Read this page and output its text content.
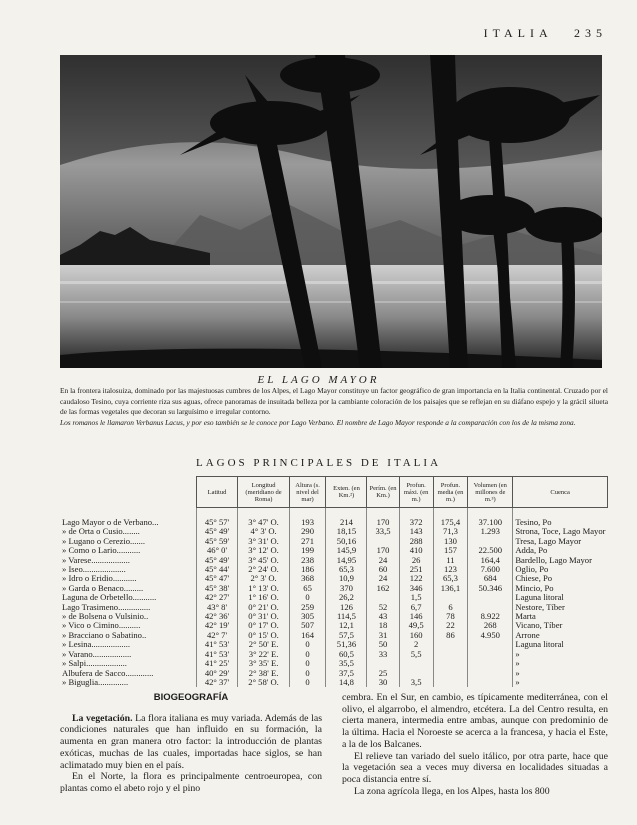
ITALIA 235
EL LAGO MAYOR

En la frontera italosuiza, dominado por las majestuosas cumbres de los Alpes, el Lago Mayor constituye un factor geográfico de gran importancia en la Italia continental. Cruzado por el caudaloso Tesino, cuya corriente riza sus aguas, ofrece panoramas de insuitada belleza por la cambiante coloración de los paisajes que se reflejan en su diáfano espejo y la grácil silueta de las formas vegetales que decoran su larguísimo e irregular contorno.

Los romanos le llamaron Verbanus Lacus, y por eso también se le conoce por Lago Verbano. El nombre de Lago Mayor responde a la comparación con los de la misma zona.

LAGOS PRINCIPALES DE ITALIA
	Latitud	Longitud (meridiano de Roma)	Altura (s. nivel del mar)	Exten. (en Km.²)	Perím. (en Km.)	Profun. máxi. (en m.)	Profun. media (en m.)	Volumen (en millones de m.³)	Cuenca
Lago Mayor o de Verbano...	45° 57'	3° 47' O.	193	214	170	372	175,4	37.100	Tesino, Po
» de Orta o Cusio........	45° 49'	4° 3' O.	290	18,15	33,5	143	71,3	1.293	Strona, Toce, Lago Mayor
» Lugano o Cerezio.......	45° 59'	3° 31' O.	271	50,16		288	130		Tresa, Lago Mayor
» Como o Lario...........	46° 0'	3° 12' O.	199	145,9	170	410	157	22.500	Adda, Po
» Varese..................	45° 49'	3° 45' O.	238	14,95	24	26	11	164,4	Bardello, Lago Mayor
» Iseo....................	45° 44'	2° 24' O.	186	65,3	60	251	123	7.600	Oglio, Po
» Idro o Eridio...........	45° 47'	2° 3' O.	368	10,9	24	122	65,3	684	Chiese, Po
» Garda o Benaco.........	45° 38'	1° 13' O.	65	370	162	346	136,1	50.346	Mincio, Po
Laguna de Orbetello...........	42° 27'	1° 16' O.	0	26,2		1,5			Laguna litoral
Lago Trasimeno...............	43° 8'	0° 21' O.	259	126	52	6,7	6		Nestore, Tíber
» de Bolsena o Vulsinio..	42° 36'	0° 31' O.	305	114,5	43	146	78	8.922	Marta
» Vico o Cimino..........	42° 19'	0° 17' O.	507	12,1	18	49,5	22	268	Vicano, Tíber
» Bracciano o Sabatino..	42° 7'	0° 15' O.	164	57,5	31	160	86	4.950	Arrone
» Lesina..................	41° 53'	2° 50' E.	0	51,36	50	2			Laguna litoral
» Varano..................	41° 53'	3° 22' E.	0	60,5	33	5,5			»
» Salpi...................	41° 25'	3° 35' E.	0	35,5					»
Albufera de Sacco.............	40° 29'	2° 38' E.	0	37,5	25				»
» Biguglia..............	42° 37'	2° 58' O.	0	14,8	30	3,5			»
BIOGEOGRAFÍA

La vegetación. La flora italiana es muy variada. Además de las condiciones naturales que han influido en su formación, la aumenta en gran manera otro factor: la introducción de plantas exóticas, muchas de las cuales, importadas hace siglos, se han aclimatado muy bien en el país.

En el Norte, la flora es principalmente centroeuropea, con plantas como el abeto rojo y el pino

cembra. En el Sur, en cambio, es típicamente mediterránea, con el olivo, el algarrobo, el almendro, etcétera. La del Centro resulta, en cierta manera, intermedia entre ambas, aunque con predominio de la última. Hacia el Noroeste se acerca a la francesa, y hacia el Este, a la de los Balcanes.

El relieve tan variado del suelo itálico, por otra parte, hace que la vegetación sea a veces muy diversa en localidades situadas a poca distancia entre sí.

La zona agrícola llega, en los Alpes, hasta los 800
